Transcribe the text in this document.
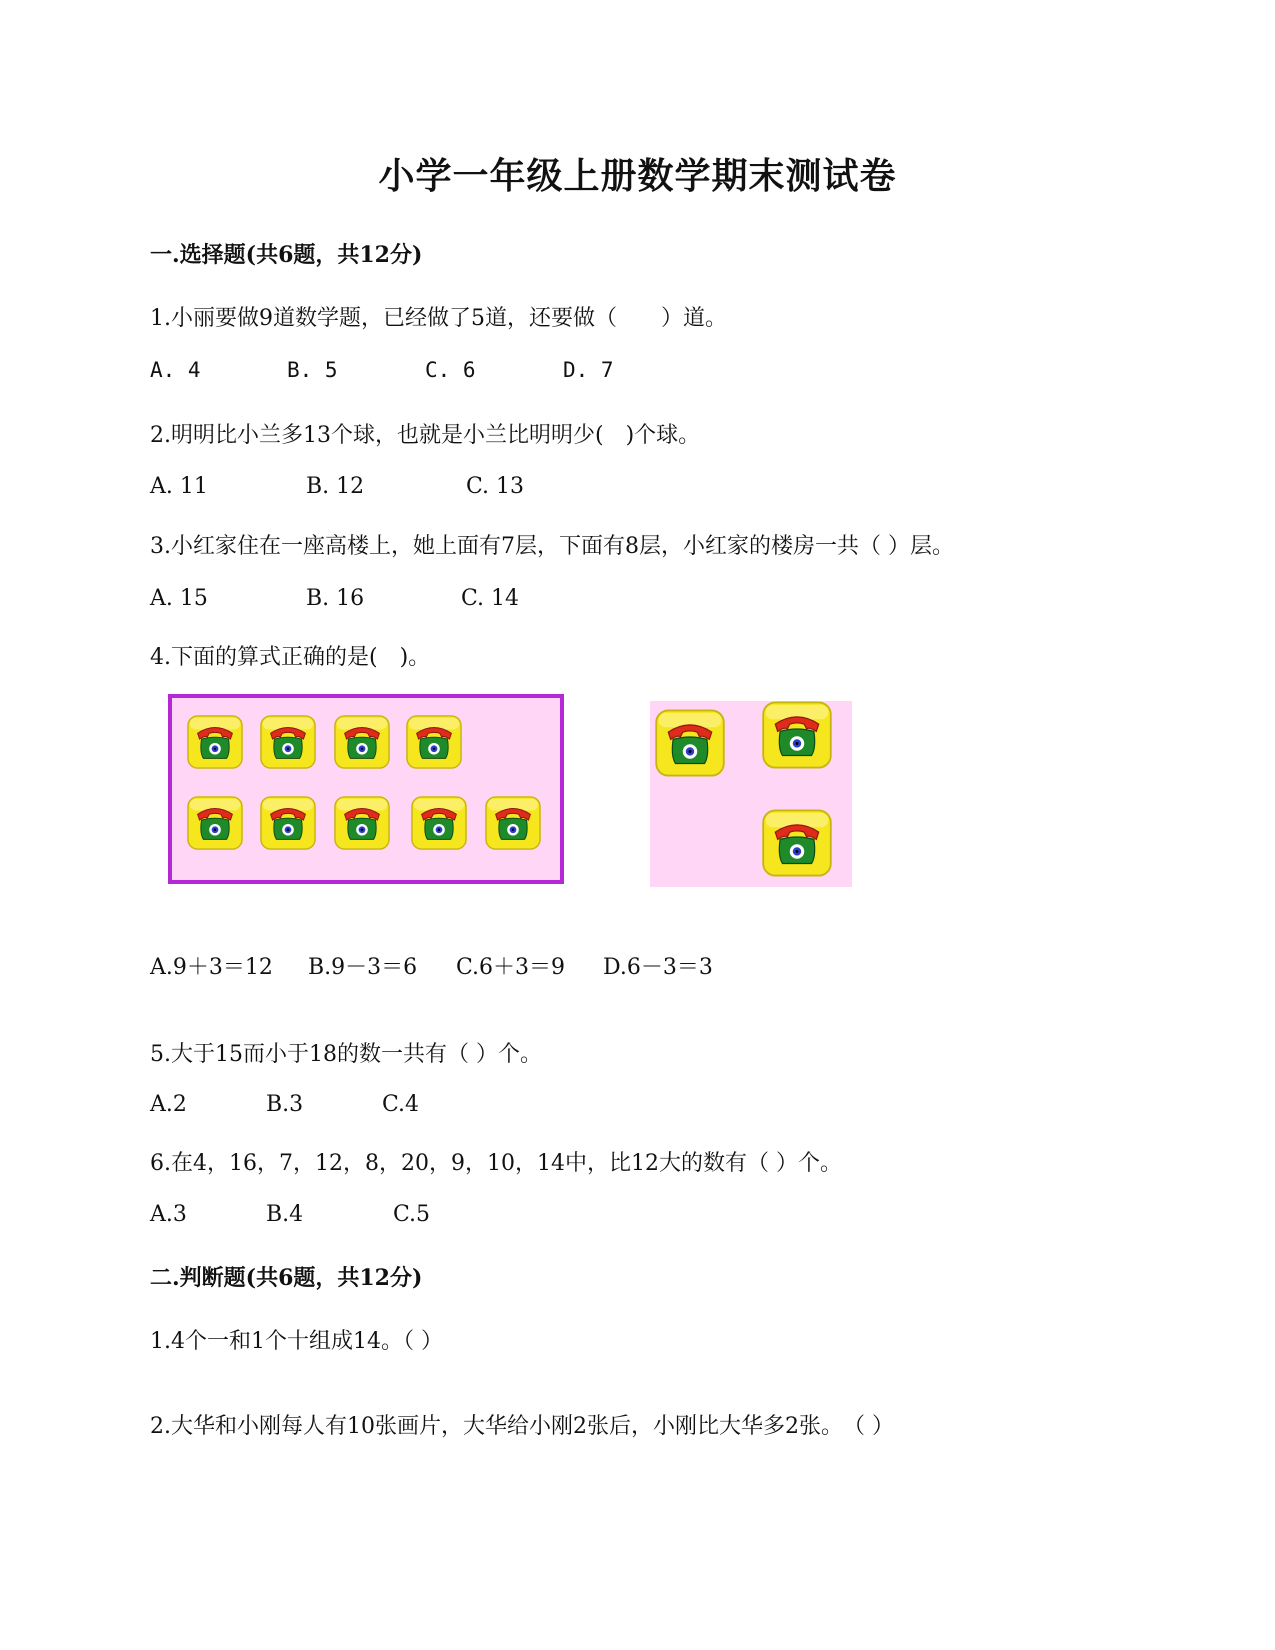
小学一年级上册数学期末测试卷
一.选择题(共6题，共12分)
1.小丽要做9道数学题，已经做了5道，还要做（　　）道。
A. 4	B. 5	C. 6	D. 7
2.明明比小兰多13个球，也就是小兰比明明少(　)个球。
A. 11	B. 12	C. 13
3.小红家住在一座高楼上，她上面有7层，下面有8层，小红家的楼房一共（ ）层。
A. 15	B. 16	C. 14
4.下面的算式正确的是(　)。
A.9＋3＝12 B.9－3＝6 C.6＋3＝9 D.6－3＝3
5.大于15而小于18的数一共有（ ）个。
A.2	B.3	C.4
6.在4，16，7，12，8，20，9，10，14中，比12大的数有（ ）个。
A.3	B.4	C.5
二.判断题(共6题，共12分)
1.4个一和1个十组成14。（ ）
2.大华和小刚每人有10张画片，大华给小刚2张后，小刚比大华多2张。　（ ）
